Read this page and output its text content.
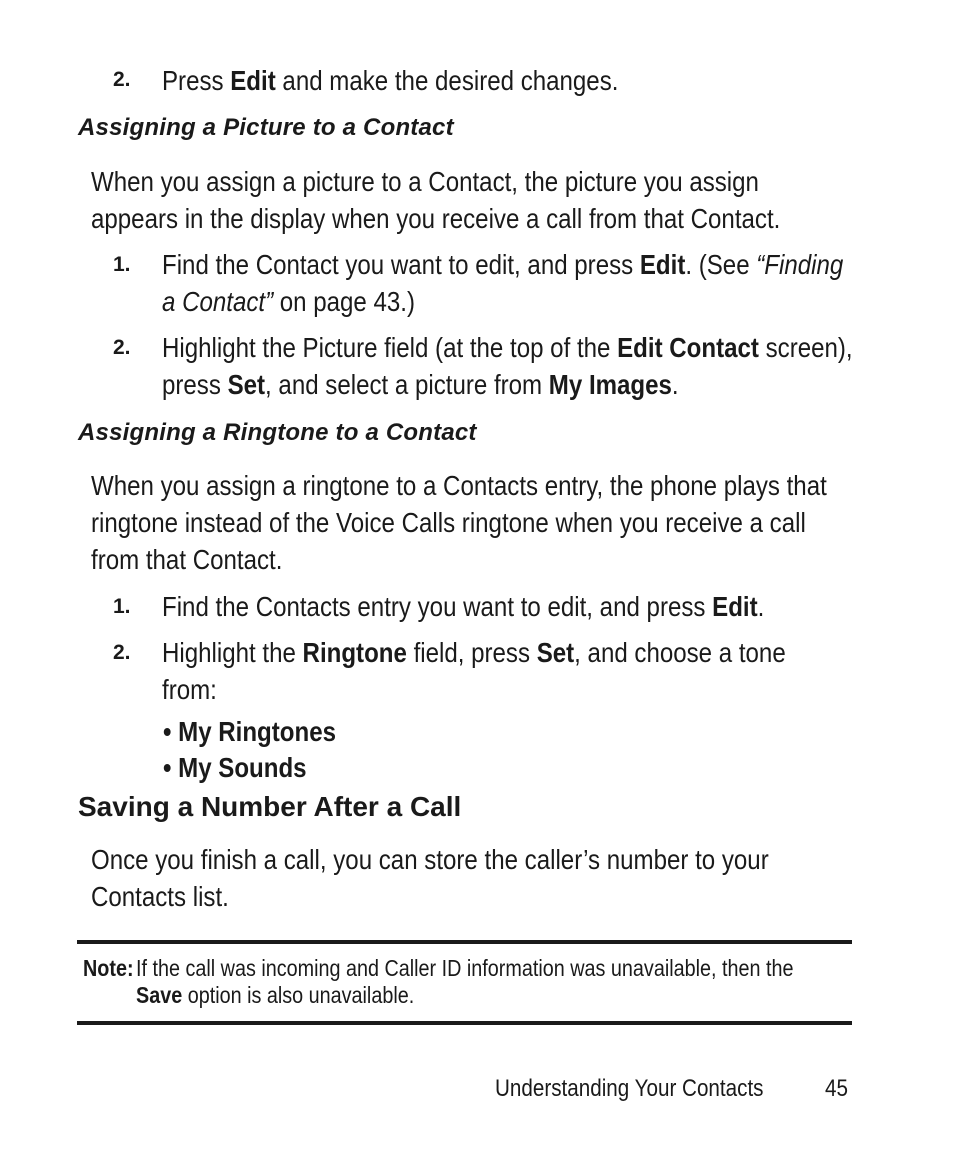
2. Press Edit and make the desired changes.
Assigning a Picture to a Contact
When you assign a picture to a Contact, the picture you assign
appears in the display when you receive a call from that Contact.
1. Find the Contact you want to edit, and press Edit. (See “Finding
a Contact” on page 43.)
2. Highlight the Picture field (at the top of the Edit Contact screen),
press Set, and select a picture from My Images.
Assigning a Ringtone to a Contact
When you assign a ringtone to a Contacts entry, the phone plays that
ringtone instead of the Voice Calls ringtone when you receive a call
from that Contact.
1. Find the Contacts entry you want to edit, and press Edit.
2. Highlight the Ringtone field, press Set, and choose a tone
from:
• My Ringtones
• My Sounds
Saving a Number After a Call
Once you finish a call, you can store the caller’s number to your
Contacts list.
Note: If the call was incoming and Caller ID information was unavailable, then the
Save option is also unavailable.
Understanding Your Contacts	45
